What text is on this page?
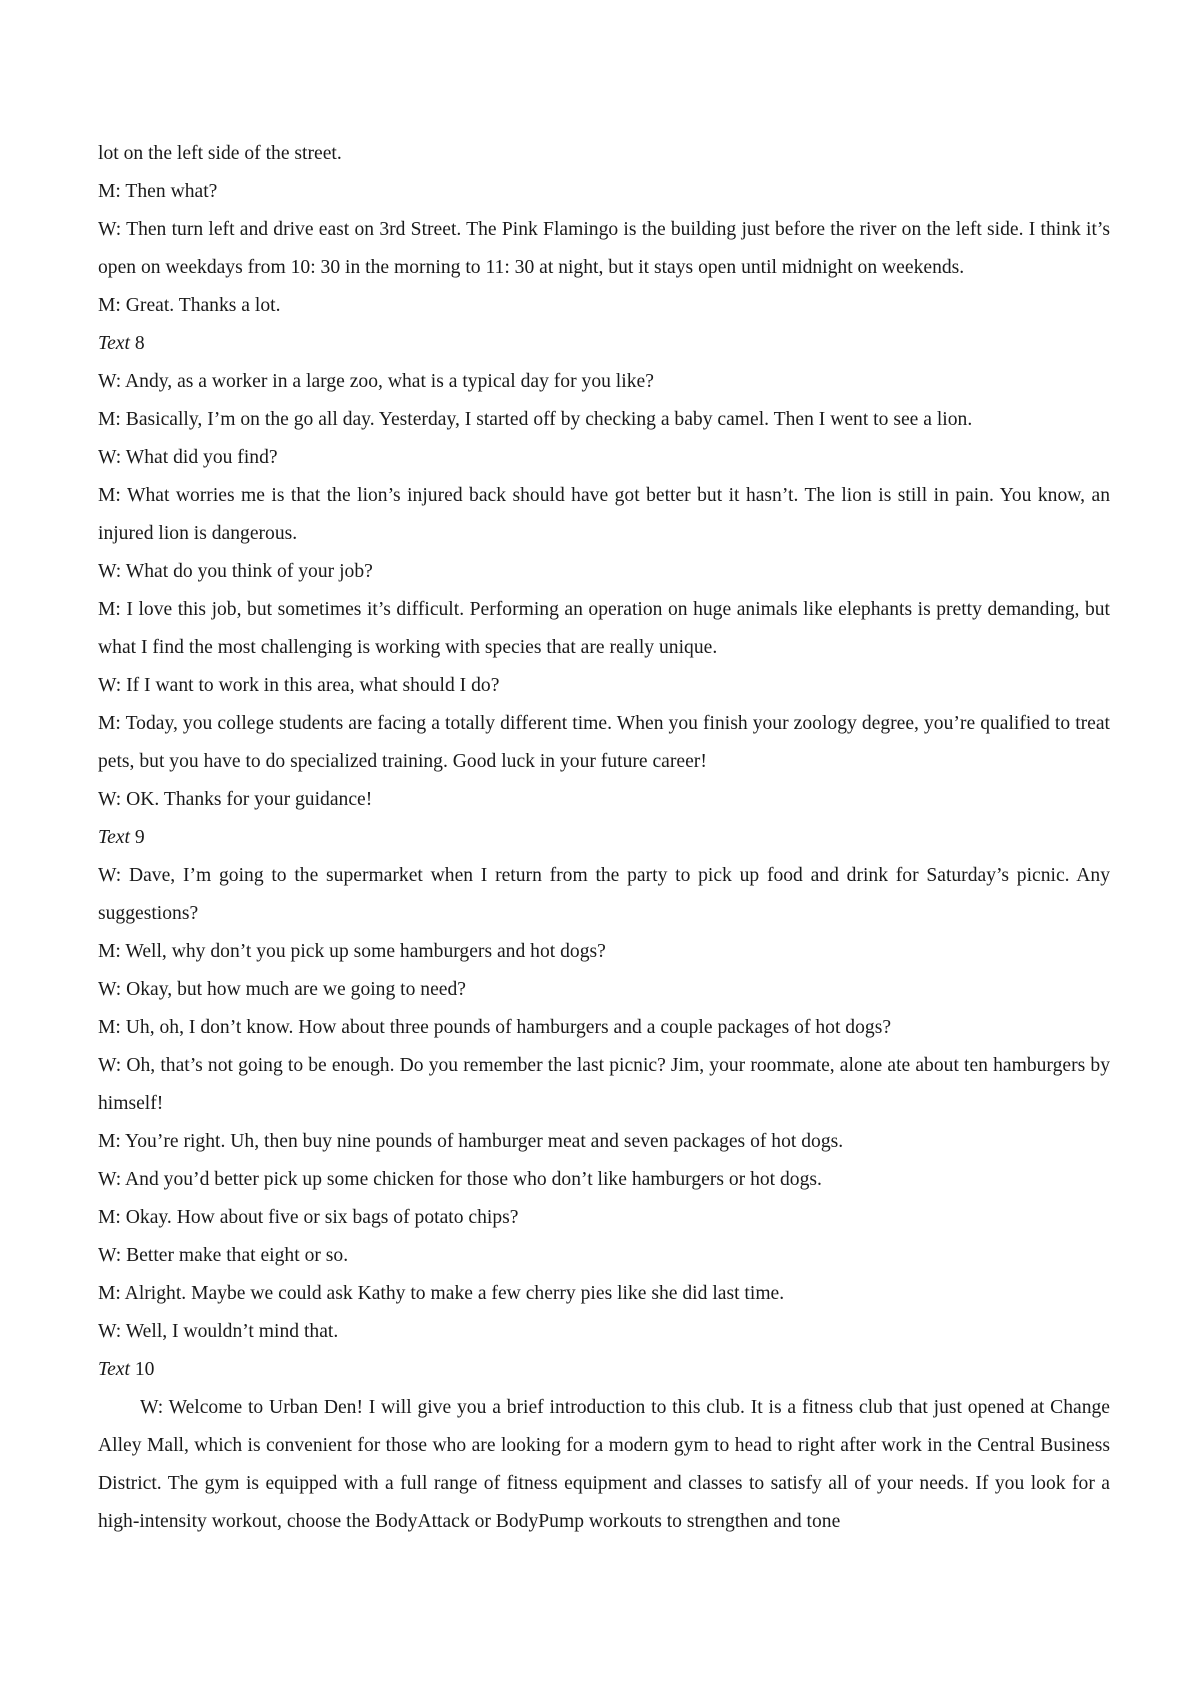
lot on the left side of the street.

M: Then what?

W: Then turn left and drive east on 3rd Street. The Pink Flamingo is the building just before the river on the left side. I think it’s open on weekdays from 10: 30 in the morning to 11: 30 at night, but it stays open until midnight on weekends.

M: Great. Thanks a lot.

Text 8

W: Andy, as a worker in a large zoo, what is a typical day for you like?

M: Basically, I’m on the go all day. Yesterday, I started off by checking a baby camel. Then I went to see a lion.

W: What did you find?

M: What worries me is that the lion’s injured back should have got better but it hasn’t. The lion is still in pain. You know, an injured lion is dangerous.

W: What do you think of your job?

M: I love this job, but sometimes it’s difficult. Performing an operation on huge animals like elephants is pretty demanding, but what I find the most challenging is working with species that are really unique.

W: If I want to work in this area, what should I do?

M: Today, you college students are facing a totally different time. When you finish your zoology degree, you’re qualified to treat pets, but you have to do specialized training. Good luck in your future career!

W: OK. Thanks for your guidance!

Text 9

W: Dave, I’m going to the supermarket when I return from the party to pick up food and drink for Saturday’s picnic. Any suggestions?

M: Well, why don’t you pick up some hamburgers and hot dogs?

W: Okay, but how much are we going to need?

M: Uh, oh, I don’t know. How about three pounds of hamburgers and a couple packages of hot dogs?

W: Oh, that’s not going to be enough. Do you remember the last picnic? Jim, your roommate, alone ate about ten hamburgers by himself!

M: You’re right. Uh, then buy nine pounds of hamburger meat and seven packages of hot dogs.

W: And you’d better pick up some chicken for those who don’t like hamburgers or hot dogs.

M: Okay. How about five or six bags of potato chips?

W: Better make that eight or so.

M: Alright. Maybe we could ask Kathy to make a few cherry pies like she did last time.

W: Well, I wouldn’t mind that.

Text 10

W: Welcome to Urban Den! I will give you a brief introduction to this club. It is a fitness club that just opened at Change Alley Mall, which is convenient for those who are looking for a modern gym to head to right after work in the Central Business District. The gym is equipped with a full range of fitness equipment and classes to satisfy all of your needs. If you look for a high-intensity workout, choose the BodyAttack or BodyPump workouts to strengthen and tone
